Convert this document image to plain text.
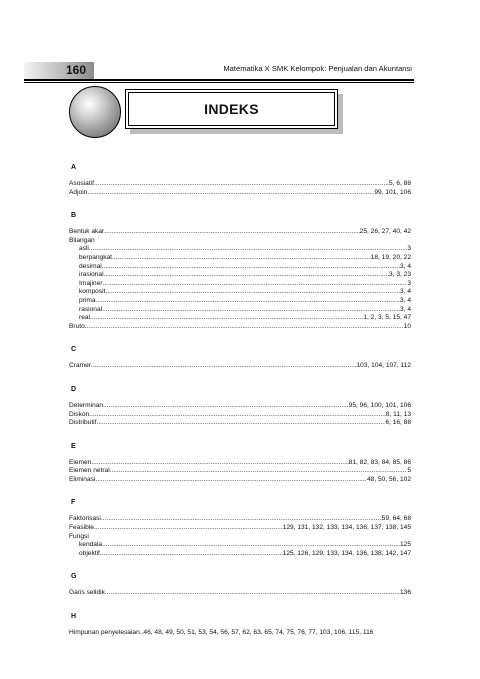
160	Matematika X SMK Kelompok: Penjualan dan Akuntansi
INDEKS
A
Asosiatif .....	5, 6, 88
Adjoin .....	99, 101, 106
B
Bentuk akar .....	25, 26, 27, 40, 42
Bilangan
asli .....	3
berpangkat .....	18, 19, 20, 22
desimal .....	3, 4
irasional .....	3, 3, 23
Imajiner .....	3
komposit .....	3, 4
prima .....	3, 4
rasional .....	3, 4
real .....	1, 2, 3, 5, 15, 47
Bruto .....	10
C
Cramer .....	103, 104, 107, 112
D
Determinan .....	95, 96, 100, 101, 106
Diskon .....	8, 11, 13
Distributif .....	6, 16, 88
E
Elemen .....	81, 82, 83, 84, 85, 86
Elemen netral .....	5
Eliminasi .....	48, 50, 56, 102
F
Faktorisasi .....	59, 64, 68
Feasible .....	129, 131, 132, 133, 134, 136, 137, 138, 145
Fungsi
kendala .....	125
objektif .....	125, 126, 129, 133, 134, 136, 138, 142, 147
G
Garis selidik .....	136
H
Himpunan penyelesaian.. 46, 48, 49, 50, 51, 53, 54, 56, 57, 62, 63, 65, 74, 75, 76, 77, 103, 106, 115, 116
